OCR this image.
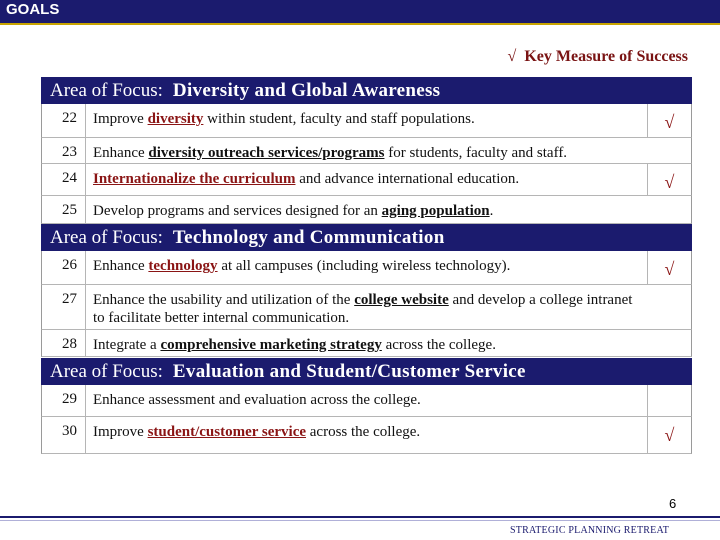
GOALS
√ Key Measure of Success
Area of Focus: Diversity and Global Awareness
22	Improve diversity within student, faculty and staff populations.	√
23	Enhance diversity outreach services/programs for students, faculty and staff.
24	Internationalize the curriculum and advance international education.	√
25	Develop programs and services designed for an aging population.
Area of Focus: Technology and Communication
26	Enhance technology at all campuses (including wireless technology).	√
27	Enhance the usability and utilization of the college website and develop a college intranet to facilitate better internal communication.
28	Integrate a comprehensive marketing strategy across the college.
Area of Focus: Evaluation and Student/Customer Service
29	Enhance assessment and evaluation across the college.
30	Improve student/customer service across the college.	√
6
STRATEGIC PLANNING RETREAT
